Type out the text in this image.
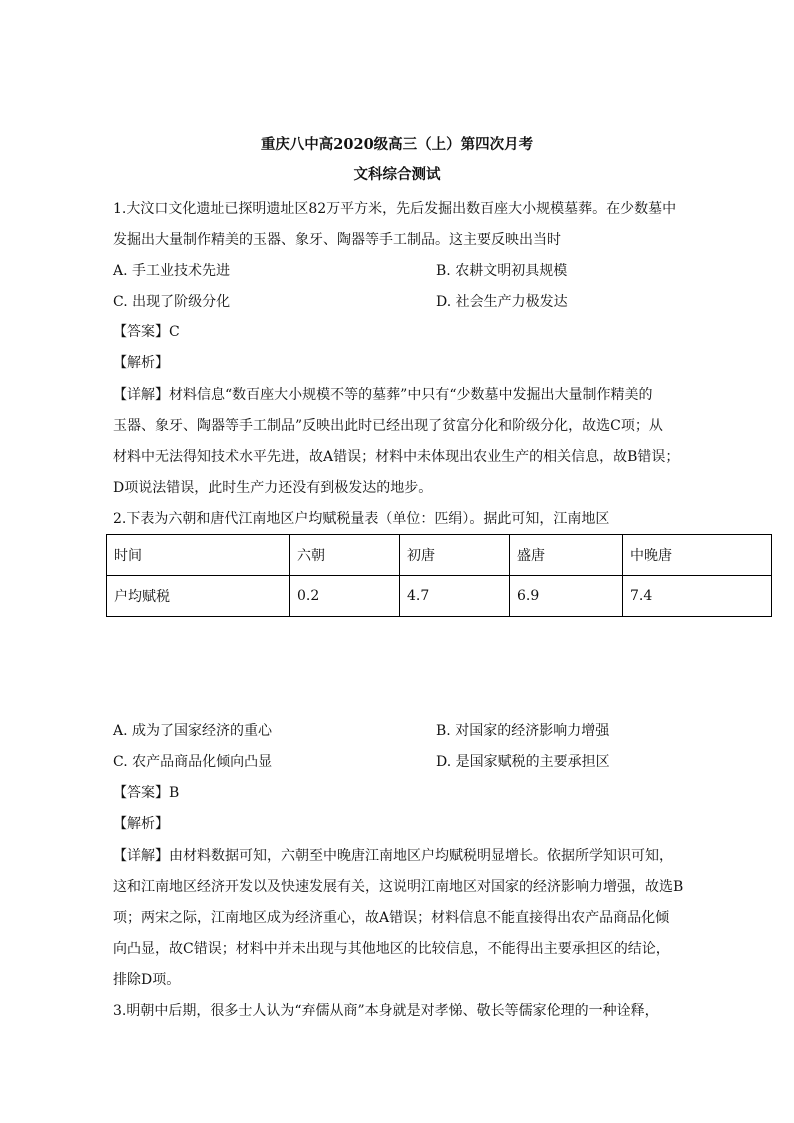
重庆八中高2020级高三（上）第四次月考
文科综合测试
1.大汶口文化遗址已探明遗址区82万平方米，先后发掘出数百座大小规模墓葬。在少数墓中
发掘出大量制作精美的玉器、象牙、陶器等手工制品。这主要反映出当时
A. 手工业技术先进	B. 农耕文明初具规模
C. 出现了阶级分化	D. 社会生产力极发达
【答案】C
【解析】
【详解】材料信息“数百座大小规模不等的墓葬”中只有“少数墓中发掘出大量制作精美的
玉器、象牙、陶器等手工制品”反映出此时已经出现了贫富分化和阶级分化，故选C项；从
材料中无法得知技术水平先进，故A错误；材料中未体现出农业生产的相关信息，故B错误；
D项说法错误，此时生产力还没有到极发达的地步。
2.下表为六朝和唐代江南地区户均赋税量表（单位：匹绢）。据此可知，江南地区
时间	六朝	初唐	盛唐	中晚唐
户均赋税	0.2	4.7	6.9	7.4
A. 成为了国家经济的重心	B. 对国家的经济影响力增强
C. 农产品商品化倾向凸显	D. 是国家赋税的主要承担区
【答案】B
【解析】
【详解】由材料数据可知，六朝至中晚唐江南地区户均赋税明显增长。依据所学知识可知，
这和江南地区经济开发以及快速发展有关，这说明江南地区对国家的经济影响力增强，故选B
项；两宋之际，江南地区成为经济重心，故A错误；材料信息不能直接得出农产品商品化倾
向凸显，故C错误；材料中并未出现与其他地区的比较信息，不能得出主要承担区的结论，
排除D项。
3.明朝中后期，很多士人认为“弃儒从商”本身就是对孝悌、敬长等儒家伦理的一种诠释，
